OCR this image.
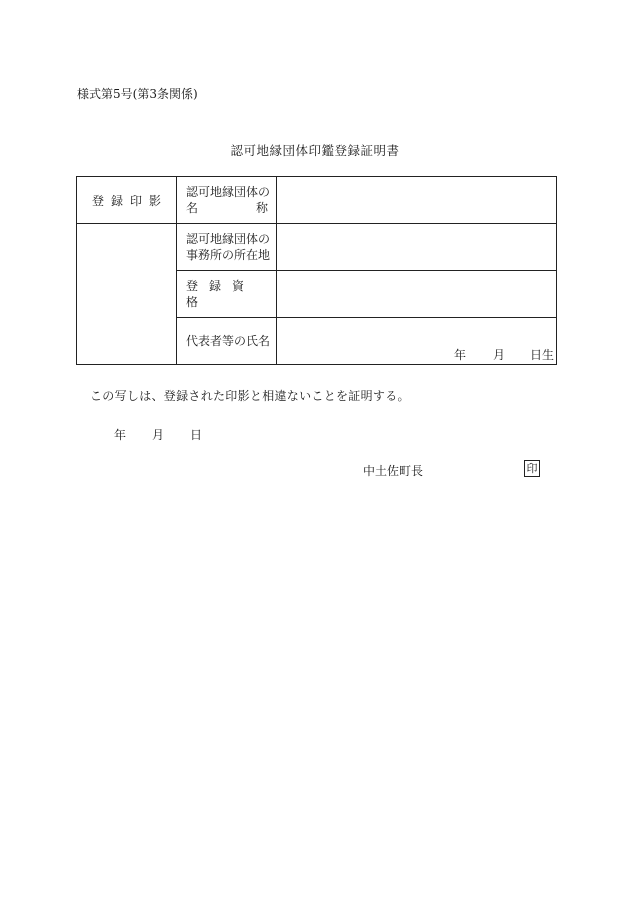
様式第5号(第3条関係)
認可地縁団体印鑑登録証明書
登録印影	認可地縁団体の
名 称	

	認可地縁団体の
事務所の所在地	

	登録資格	
	代表者等の氏名	年 月 日生
この写しは、登録された印影と相違ないことを証明する。
年 月 日
中土佐町長	印
